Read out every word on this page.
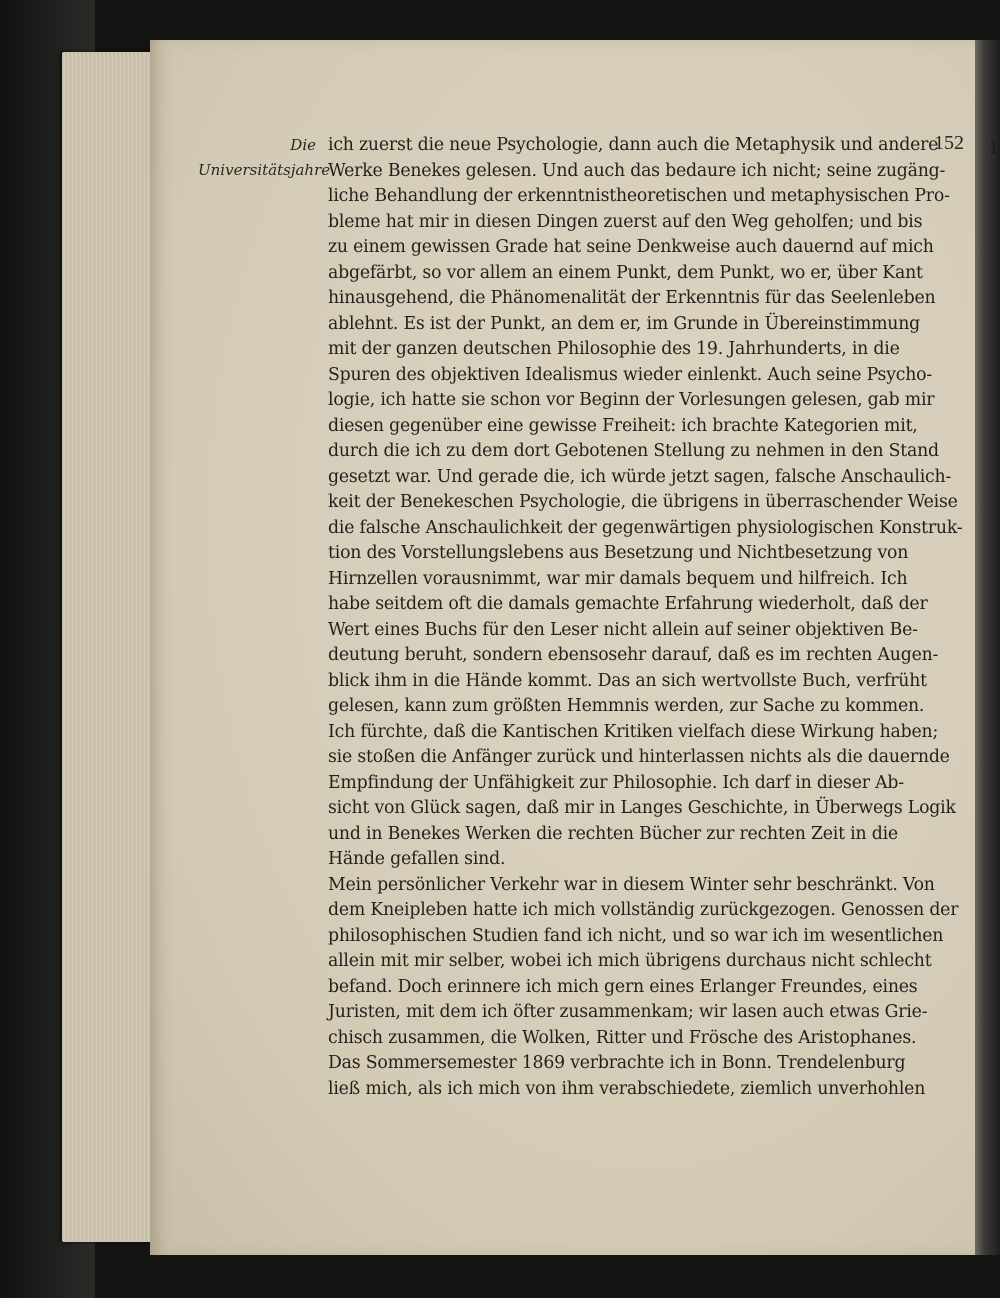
I
Die Universitätsjahre
152
ich zuerst die neue Psychologie, dann auch die Metaphysik und andere
Werke Benekes gelesen. Und auch das bedaure ich nicht; seine zugäng-
liche Behandlung der erkenntnistheoretischen und metaphysischen Pro-
bleme hat mir in diesen Dingen zuerst auf den Weg geholfen; und bis
zu einem gewissen Grade hat seine Denkweise auch dauernd auf mich
abgefärbt, so vor allem an einem Punkt, dem Punkt, wo er, über Kant
hinausgehend, die Phänomenalität der Erkenntnis für das Seelenleben
ablehnt. Es ist der Punkt, an dem er, im Grunde in Übereinstimmung
mit der ganzen deutschen Philosophie des 19. Jahrhunderts, in die
Spuren des objektiven Idealismus wieder einlenkt. Auch seine Psycho-
logie, ich hatte sie schon vor Beginn der Vorlesungen gelesen, gab mir
diesen gegenüber eine gewisse Freiheit: ich brachte Kategorien mit,
durch die ich zu dem dort Gebotenen Stellung zu nehmen in den Stand
gesetzt war. Und gerade die, ich würde jetzt sagen, falsche Anschaulich-
keit der Benekeschen Psychologie, die übrigens in überraschender Weise
die falsche Anschaulichkeit der gegenwärtigen physiologischen Konstruk-
tion des Vorstellungslebens aus Besetzung und Nichtbesetzung von
Hirnzellen vorausnimmt, war mir damals bequem und hilfreich. Ich
habe seitdem oft die damals gemachte Erfahrung wiederholt, daß der
Wert eines Buchs für den Leser nicht allein auf seiner objektiven Be-
deutung beruht, sondern ebensosehr darauf, daß es im rechten Augen-
blick ihm in die Hände kommt. Das an sich wertvollste Buch, verfrüht
gelesen, kann zum größten Hemmnis werden, zur Sache zu kommen.
Ich fürchte, daß die Kantischen Kritiken vielfach diese Wirkung haben;
sie stoßen die Anfänger zurück und hinterlassen nichts als die dauernde
Empfindung der Unfähigkeit zur Philosophie. Ich darf in dieser Ab-
sicht von Glück sagen, daß mir in Langes Geschichte, in Überwegs Logik
und in Benekes Werken die rechten Bücher zur rechten Zeit in die
Hände gefallen sind.
Mein persönlicher Verkehr war in diesem Winter sehr beschränkt. Von
dem Kneipleben hatte ich mich vollständig zurückgezogen. Genossen der
philosophischen Studien fand ich nicht, und so war ich im wesentlichen
allein mit mir selber, wobei ich mich übrigens durchaus nicht schlecht
befand. Doch erinnere ich mich gern eines Erlanger Freundes, eines
Juristen, mit dem ich öfter zusammenkam; wir lasen auch etwas Grie-
chisch zusammen, die Wolken, Ritter und Frösche des Aristophanes.
Das Sommersemester 1869 verbrachte ich in Bonn. Trendelenburg
ließ mich, als ich mich von ihm verabschiedete, ziemlich unverhohlen
